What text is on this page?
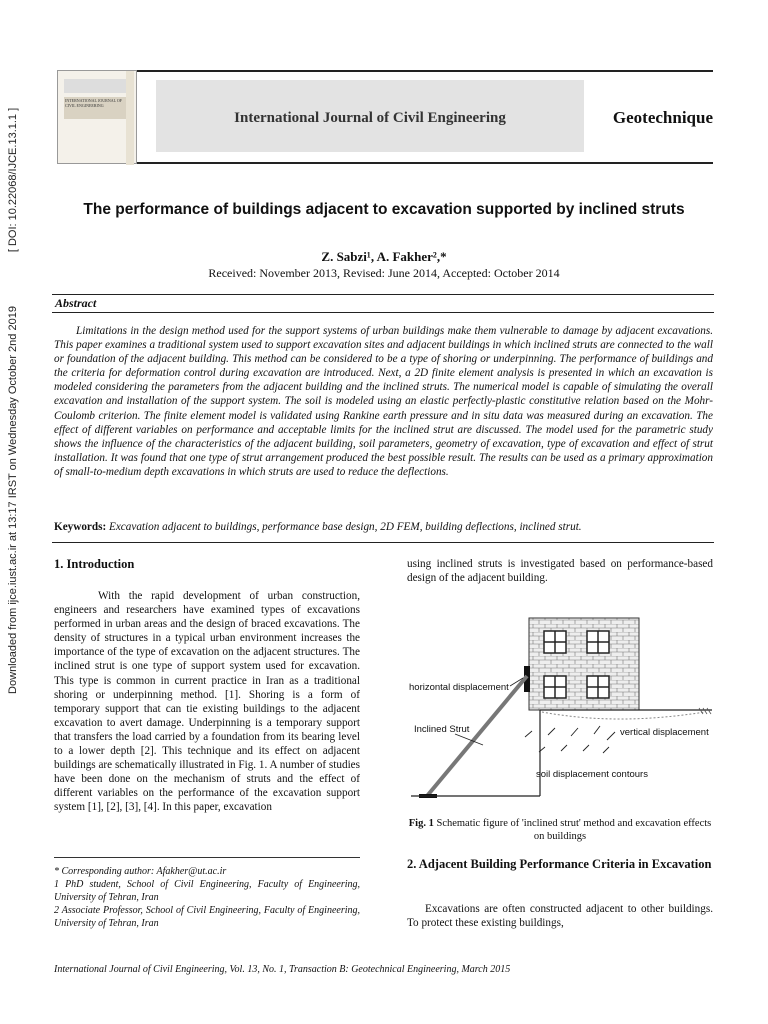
[ DOI: 10.22068/IJCE.13.1.1 ]
Downloaded from ijce.iust.ac.ir at 13:17 IRST on Wednesday October 2nd 2019
INTERNATIONAL JOURNAL OF CIVIL ENGINEERING
International Journal of Civil Engineering	Geotechnique
The performance of buildings adjacent to excavation supported by inclined struts
Z. Sabzi¹, A. Fakher²,*
Received: November 2013, Revised: June 2014, Accepted: October 2014
Abstract
Limitations in the design method used for the support systems of urban buildings make them vulnerable to damage by adjacent excavations. This paper examines a traditional system used to support excavation sites and adjacent buildings in which inclined struts are connected to the wall or foundation of the adjacent building. This method can be considered to be a type of shoring or underpinning. The performance of buildings and the criteria for deformation control during excavation are introduced. Next, a 2D finite element analysis is presented in which an excavation is modeled considering the parameters from the adjacent building and the inclined struts. The numerical model is capable of simulating the overall excavation and installation of the support system. The soil is modeled using an elastic perfectly-plastic constitutive relation based on the Mohr-Coulomb criterion. The finite element model is validated using Rankine earth pressure and in situ data was measured during an excavation. The effect of different variables on performance and acceptable limits for the inclined strut are discussed. The model used for the parametric study shows the influence of the characteristics of the adjacent building, soil parameters, geometry of excavation, type of excavation and effect of strut installation. It was found that one type of strut arrangement produced the best possible result. The results can be used as a primary approximation of small-to-medium depth excavations in which struts are used to reduce the deflections.
Keywords: Excavation adjacent to buildings, performance base design, 2D FEM, building deflections, inclined strut.
1. Introduction
With the rapid development of urban construction, engineers and researchers have examined types of excavations performed in urban areas and the design of braced excavations. The density of structures in a typical urban environment increases the importance of the type of excavation on the adjacent structures. The inclined strut is one type of support system used for excavation. This type is common in current practice in Iran as a traditional shoring or underpinning method. [1]. Shoring is a form of temporary support that can tie existing buildings to the adjacent excavation to avert damage. Underpinning is a temporary support that transfers the load carried by a foundation from its bearing level to a lower depth [2]. This technique and its effect on adjacent buildings are schematically illustrated in Fig. 1. A number of studies have been done on the mechanism of struts and the effect of different variables on the performance of the excavation support system [1], [2], [3], [4]. In this paper, excavation
* Corresponding author: Afakher@ut.ac.ir
1 PhD student, School of Civil Engineering, Faculty of Engineering, University of Tehran, Iran
2 Associate Professor, School of Civil Engineering, Faculty of Engineering, University of Tehran, Iran
using inclined struts is investigated based on performance-based design of the adjacent building.
horizontal displacement
Inclined Strut	vertical displacement
soil displacement contours
Fig. 1 Schematic figure of 'inclined strut' method and excavation effects on buildings
2. Adjacent Building Performance Criteria in Excavation
Excavations are often constructed adjacent to other buildings. To protect these existing buildings,
International Journal of Civil Engineering, Vol. 13, No. 1, Transaction B: Geotechnical Engineering, March 2015
